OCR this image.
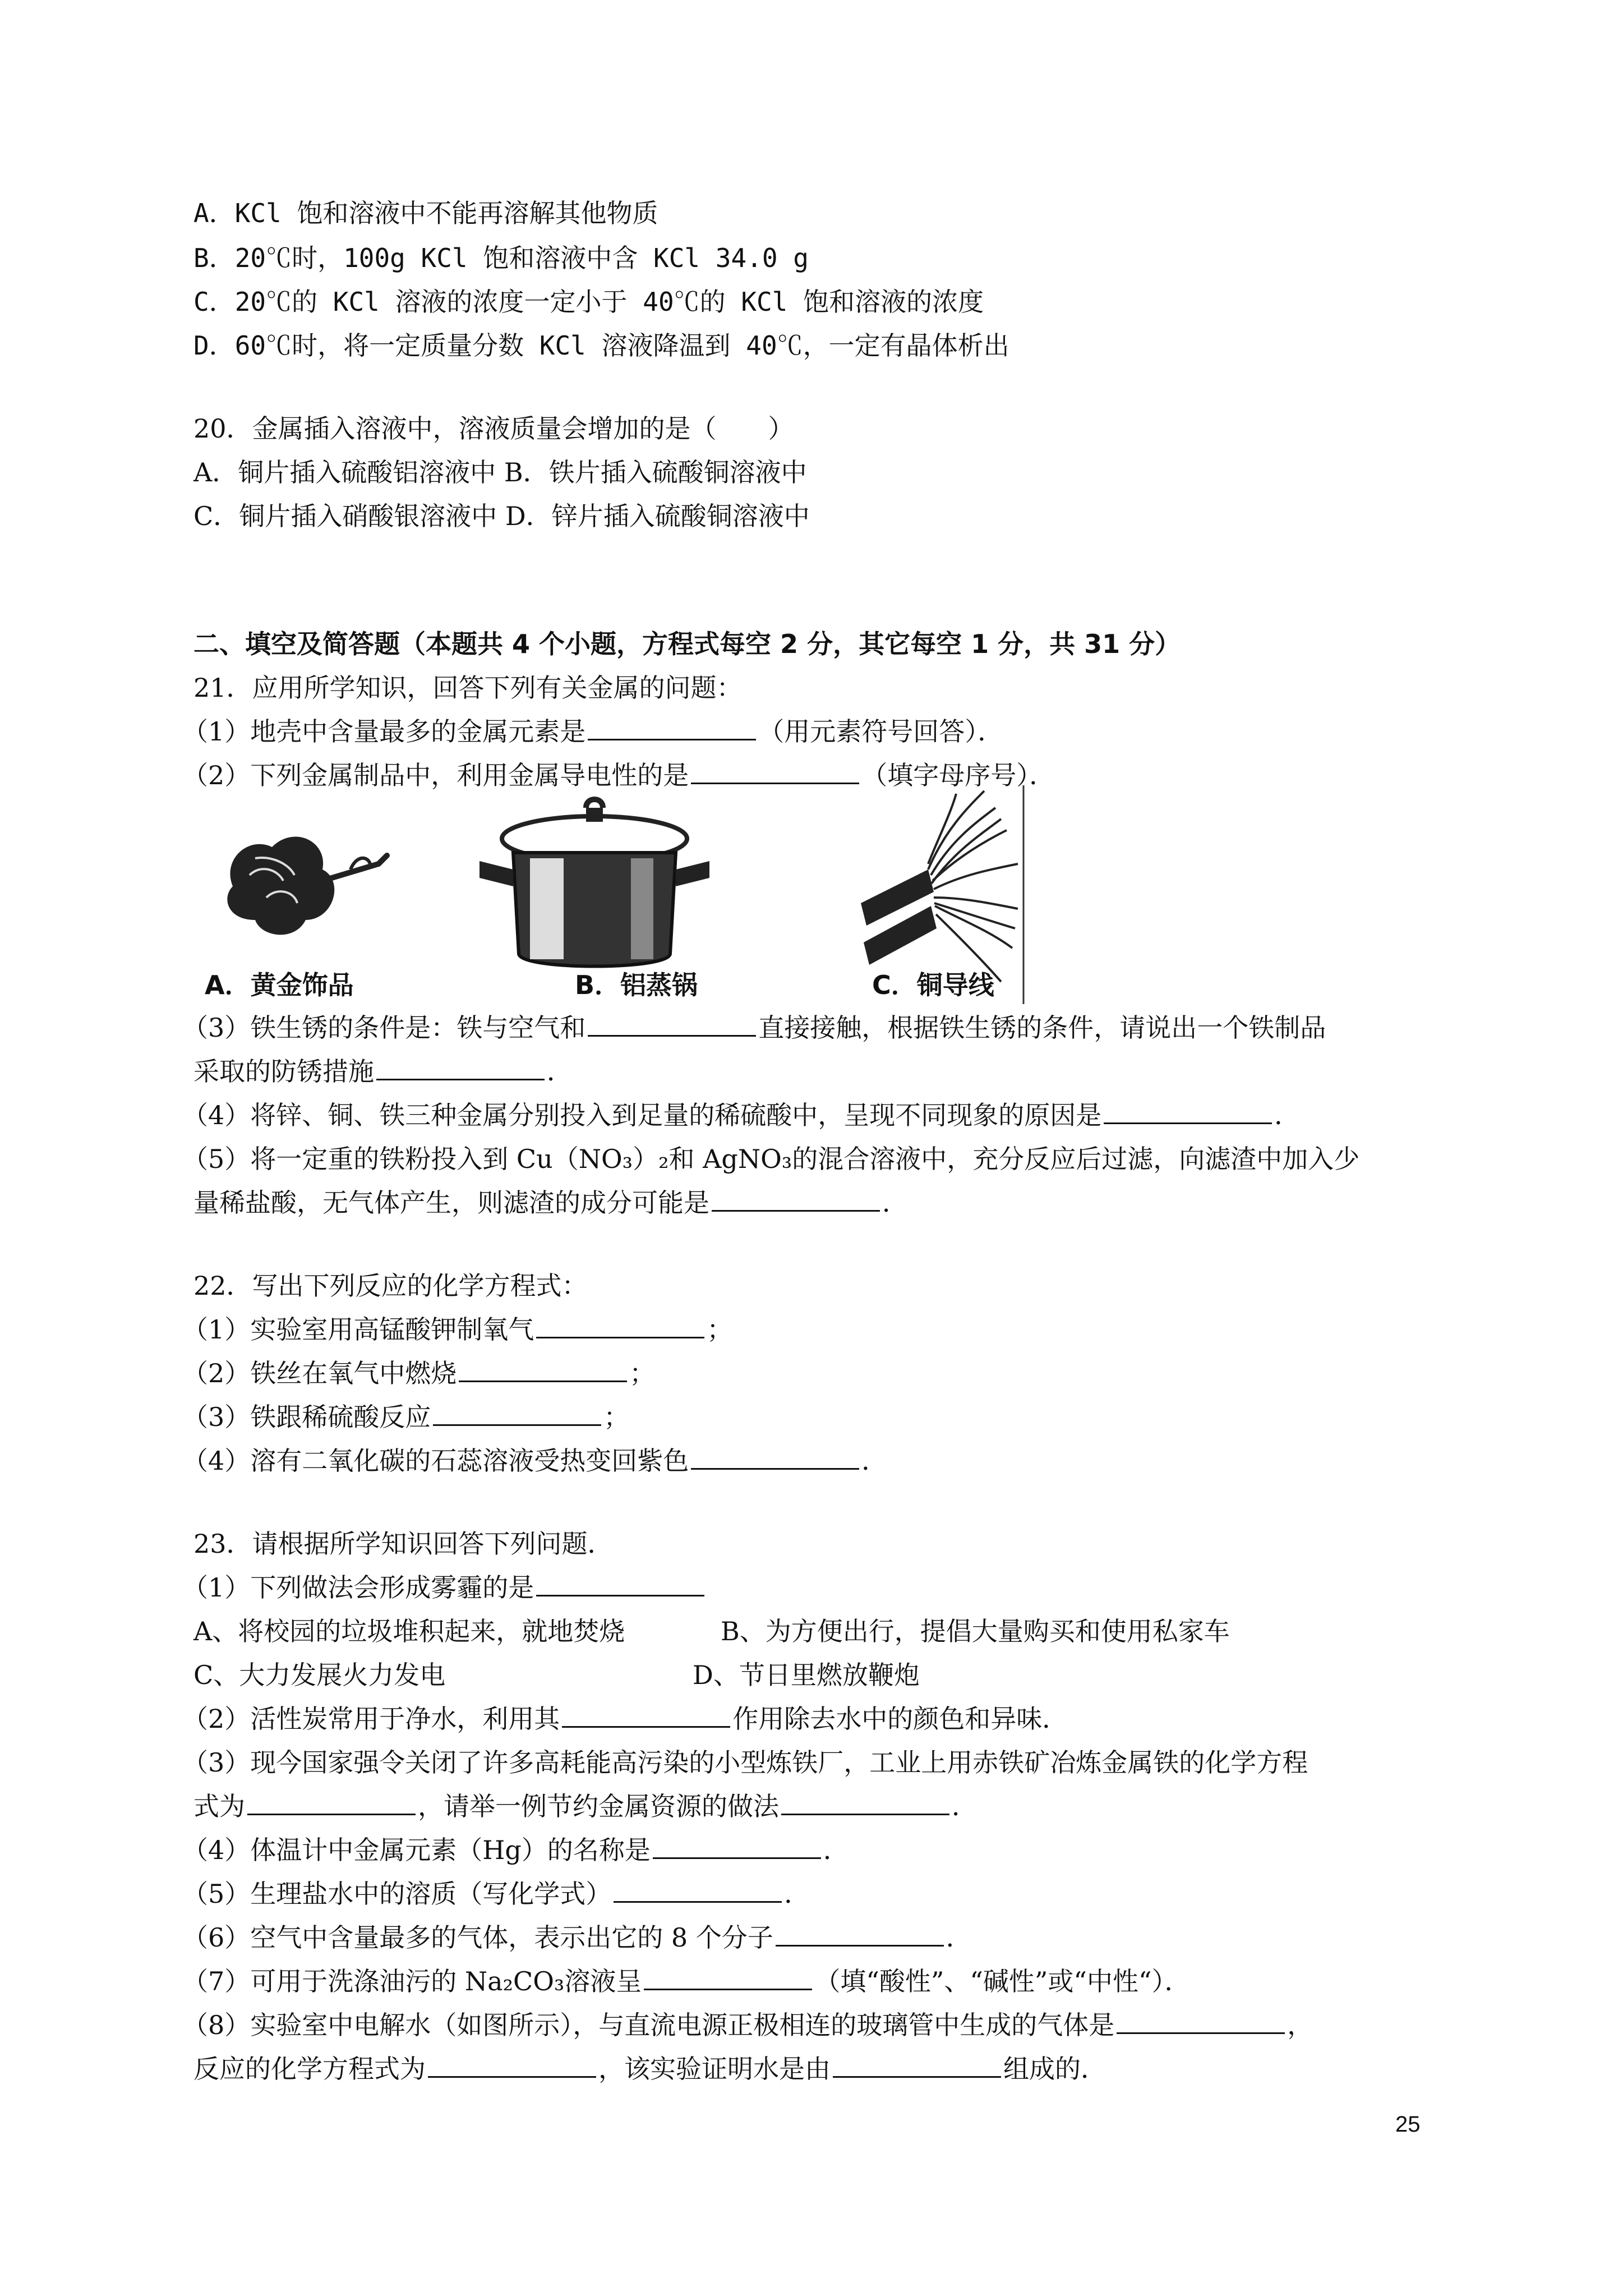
A．KCl 饱和溶液中不能再溶解其他物质
B．20℃时，100g KCl 饱和溶液中含 KCl 34.0 g
C．20℃的 KCl 溶液的浓度一定小于 40℃的 KCl 饱和溶液的浓度
D．60℃时，将一定质量分数 KCl 溶液降温到 40℃，一定有晶体析出
20．金属插入溶液中，溶液质量会增加的是（　　）
A．铜片插入硫酸铝溶液中 B．铁片插入硫酸铜溶液中
C．铜片插入硝酸银溶液中 D．锌片插入硫酸铜溶液中
二、填空及简答题（本题共 4 个小题，方程式每空 2 分，其它每空 1 分，共 31 分）
21．应用所学知识，回答下列有关金属的问题：
（1）地壳中含量最多的金属元素是	（用元素符号回答）．
（2）下列金属制品中，利用金属导电性的是	（填字母序号）．
A．黄金饰品	B．铝蒸锅	C．铜导线
（3）铁生锈的条件是：铁与空气和	直接接触，根据铁生锈的条件，请说出一个铁制品
采取的防锈措施	．
（4）将锌、铜、铁三种金属分别投入到足量的稀硫酸中，呈现不同现象的原因是	．
（5）将一定重的铁粉投入到 Cu（NO₃）₂和 AgNO₃的混合溶液中，充分反应后过滤，向滤渣中加入少
量稀盐酸，无气体产生，则滤渣的成分可能是	．
22．写出下列反应的化学方程式：
（1）实验室用高锰酸钾制氧气	；
（2）铁丝在氧气中燃烧	；
（3）铁跟稀硫酸反应	；
（4）溶有二氧化碳的石蕊溶液受热变回紫色	．
23．请根据所学知识回答下列问题．
（1）下列做法会形成雾霾的是
A、将校园的垃圾堆积起来，就地焚烧	B、为方便出行，提倡大量购买和使用私家车
C、大力发展火力发电	D、节日里燃放鞭炮
（2）活性炭常用于净水，利用其	作用除去水中的颜色和异味．
（3）现今国家强令关闭了许多高耗能高污染的小型炼铁厂，工业上用赤铁矿冶炼金属铁的化学方程
式为	，请举一例节约金属资源的做法	．
（4）体温计中金属元素（Hg）的名称是	．
（5）生理盐水中的溶质（写化学式）	．
（6）空气中含量最多的气体，表示出它的 8 个分子	．
（7）可用于洗涤油污的 Na₂CO₃溶液呈	（填“酸性”、“碱性”或“中性“）．
（8）实验室中电解水（如图所示），与直流电源正极相连的玻璃管中生成的气体是	，
反应的化学方程式为	，该实验证明水是由	组成的．
25
